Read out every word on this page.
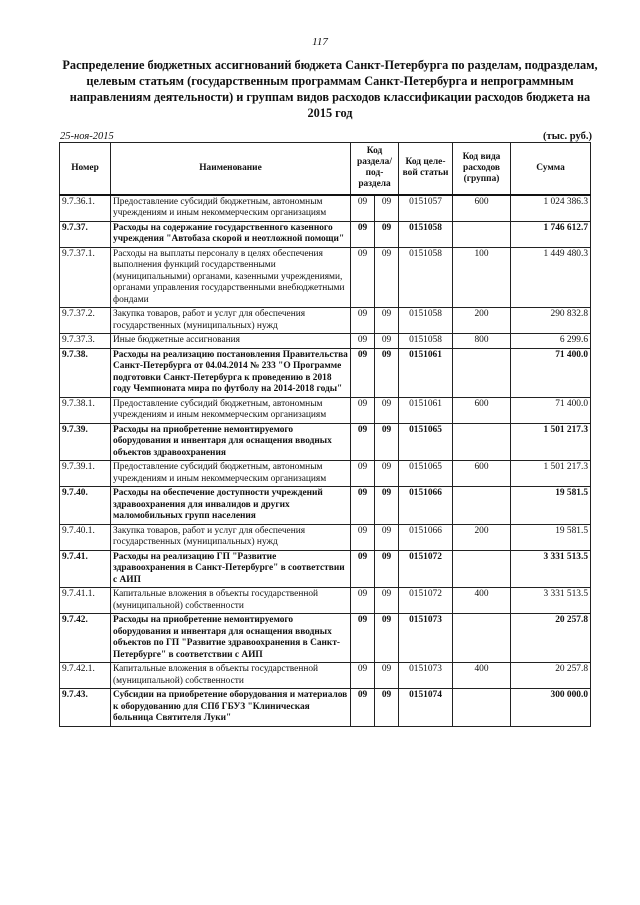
117
Распределение бюджетных ассигнований бюджета Санкт-Петербурга по разделам, подразделам, целевым статьям (государственным программам Санкт-Петербурга и непрограммным направлениям деятельности) и группам видов расходов классификации расходов бюджета на 2015 год
25-ноя-2015	(тыс. руб.)
Номер	Наименование	Код раздела/ под-раздела		Код целе-вой статьи	Код вида расходов (группа)	Сумма
9.7.36.1.	Предоставление субсидий бюджетным, автономным учреждениям и иным некоммерческим организациям	09	09	0151057	600	1 024 386.3
9.7.37.	Расходы на содержание государственного казенного учреждения "Автобаза скорой и неотложной помощи"	09	09	0151058		1 746 612.7
9.7.37.1.	Расходы на выплаты персоналу в целях обеспечения выполнения функций государственными (муниципальными) органами, казенными учреждениями, органами управления государственными внебюджетными фондами	09	09	0151058	100	1 449 480.3
9.7.37.2.	Закупка товаров, работ и услуг для обеспечения государственных (муниципальных) нужд	09	09	0151058	200	290 832.8
9.7.37.3.	Иные бюджетные ассигнования	09	09	0151058	800	6 299.6
9.7.38.	Расходы на реализацию постановления Правительства Санкт-Петербурга от 04.04.2014 № 233 "О Программе подготовки Санкт-Петербурга к проведению в 2018 году Чемпионата мира по футболу на 2014-2018 годы"	09	09	0151061		71 400.0
9.7.38.1.	Предоставление субсидий бюджетным, автономным учреждениям и иным некоммерческим организациям	09	09	0151061	600	71 400.0
9.7.39.	Расходы на приобретение немонтируемого оборудования и инвентаря для оснащения вводных объектов здравоохранения	09	09	0151065		1 501 217.3
9.7.39.1.	Предоставление субсидий бюджетным, автономным учреждениям и иным некоммерческим организациям	09	09	0151065	600	1 501 217.3
9.7.40.	Расходы на обеспечение доступности учреждений здравоохранения для инвалидов и других маломобильных групп населения	09	09	0151066		19 581.5
9.7.40.1.	Закупка товаров, работ и услуг для обеспечения государственных (муниципальных) нужд	09	09	0151066	200	19 581.5
9.7.41.	Расходы на реализацию ГП "Развитие здравоохранения в Санкт-Петербурге" в соответствии с АИП	09	09	0151072		3 331 513.5
9.7.41.1.	Капитальные вложения в объекты государственной (муниципальной) собственности	09	09	0151072	400	3 331 513.5
9.7.42.	Расходы на приобретение немонтируемого оборудования и инвентаря для оснащения вводных объектов по ГП "Развитие здравоохранения в Санкт-Петербурге" в соответствии с АИП	09	09	0151073		20 257.8
9.7.42.1.	Капитальные вложения в объекты государственной (муниципальной) собственности	09	09	0151073	400	20 257.8
9.7.43.	Субсидии на приобретение оборудования и материалов к оборудованию для СПб ГБУЗ "Клиническая больница Святителя Луки"	09	09	0151074		300 000.0
